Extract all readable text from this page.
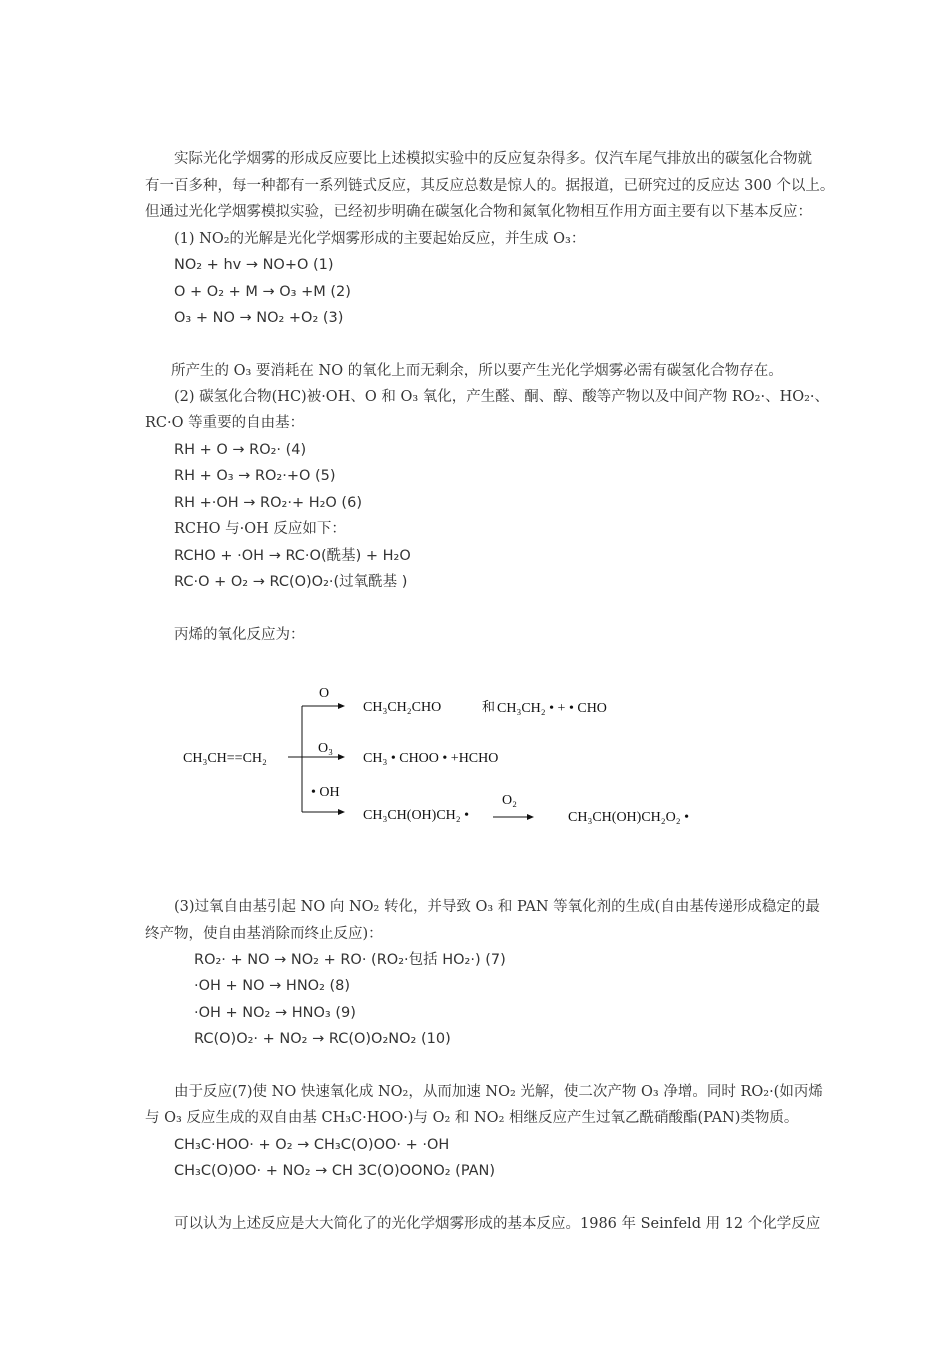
实际光化学烟雾的形成反应要比上述模拟实验中的反应复杂得多。仅汽车尾气排放出的碳氢化合物就
有一百多种，每一种都有一系列链式反应，其反应总数是惊人的。据报道，已研究过的反应达 300 个以上。
但通过光化学烟雾模拟实验，已经初步明确在碳氢化合物和氮氧化物相互作用方面主要有以下基本反应：
(1) NO₂的光解是光化学烟雾形成的主要起始反应，并生成 O₃：
NO₂ + hv → NO+O (1)
O + O₂ + M → O₃ +M (2)
O₃ + NO → NO₂ +O₂ (3)
所产生的 O₃ 要消耗在 NO 的氧化上而无剩余，所以要产生光化学烟雾必需有碳氢化合物存在。
(2) 碳氢化合物(HC)被·OH、O 和 O₃ 氧化，产生醛、酮、醇、酸等产物以及中间产物 RO₂·、HO₂·、
RC·O 等重要的自由基：
RH + O → RO₂· (4)
RH + O₃ → RO₂·+O (5)
RH +·OH → RO₂·+ H₂O (6)
RCHO 与·OH 反应如下：
RCHO + ·OH → RC·O(酰基) + H₂O
RC·O + O₂ → RC(O)O₂·(过氧酰基 )
丙烯的氧化反应为：
CH₃CH==CH₂
O
O₃
• OH
CH₃CH₂CHO	和 CH₃CH₂ • + • CHO
CH₃ • CHOO • +HCHO
CH₃CH(OH)CH₂ •
O₂
CH₃CH(OH)CH₂O₂ •
(3)过氧自由基引起 NO 向 NO₂ 转化，并导致 O₃ 和 PAN 等氧化剂的生成(自由基传递形成稳定的最
终产物，使自由基消除而终止反应)：
RO₂· + NO → NO₂ + RO· (RO₂·包括 HO₂·) (7)
·OH + NO → HNO₂ (8)
·OH + NO₂ → HNO₃ (9)
RC(O)O₂· + NO₂ → RC(O)O₂NO₂ (10)
由于反应(7)使 NO 快速氧化成 NO₂，从而加速 NO₂ 光解，使二次产物 O₃ 净增。同时 RO₂·(如丙烯
与 O₃ 反应生成的双自由基 CH₃C·HOO·)与 O₂ 和 NO₂ 相继反应产生过氧乙酰硝酸酯(PAN)类物质。
CH₃C·HOO· + O₂ → CH₃C(O)OO· + ·OH
CH₃C(O)OO· + NO₂ → CH 3C(O)OONO₂ (PAN)
可以认为上述反应是大大简化了的光化学烟雾形成的基本反应。1986 年 Seinfeld 用 12 个化学反应
